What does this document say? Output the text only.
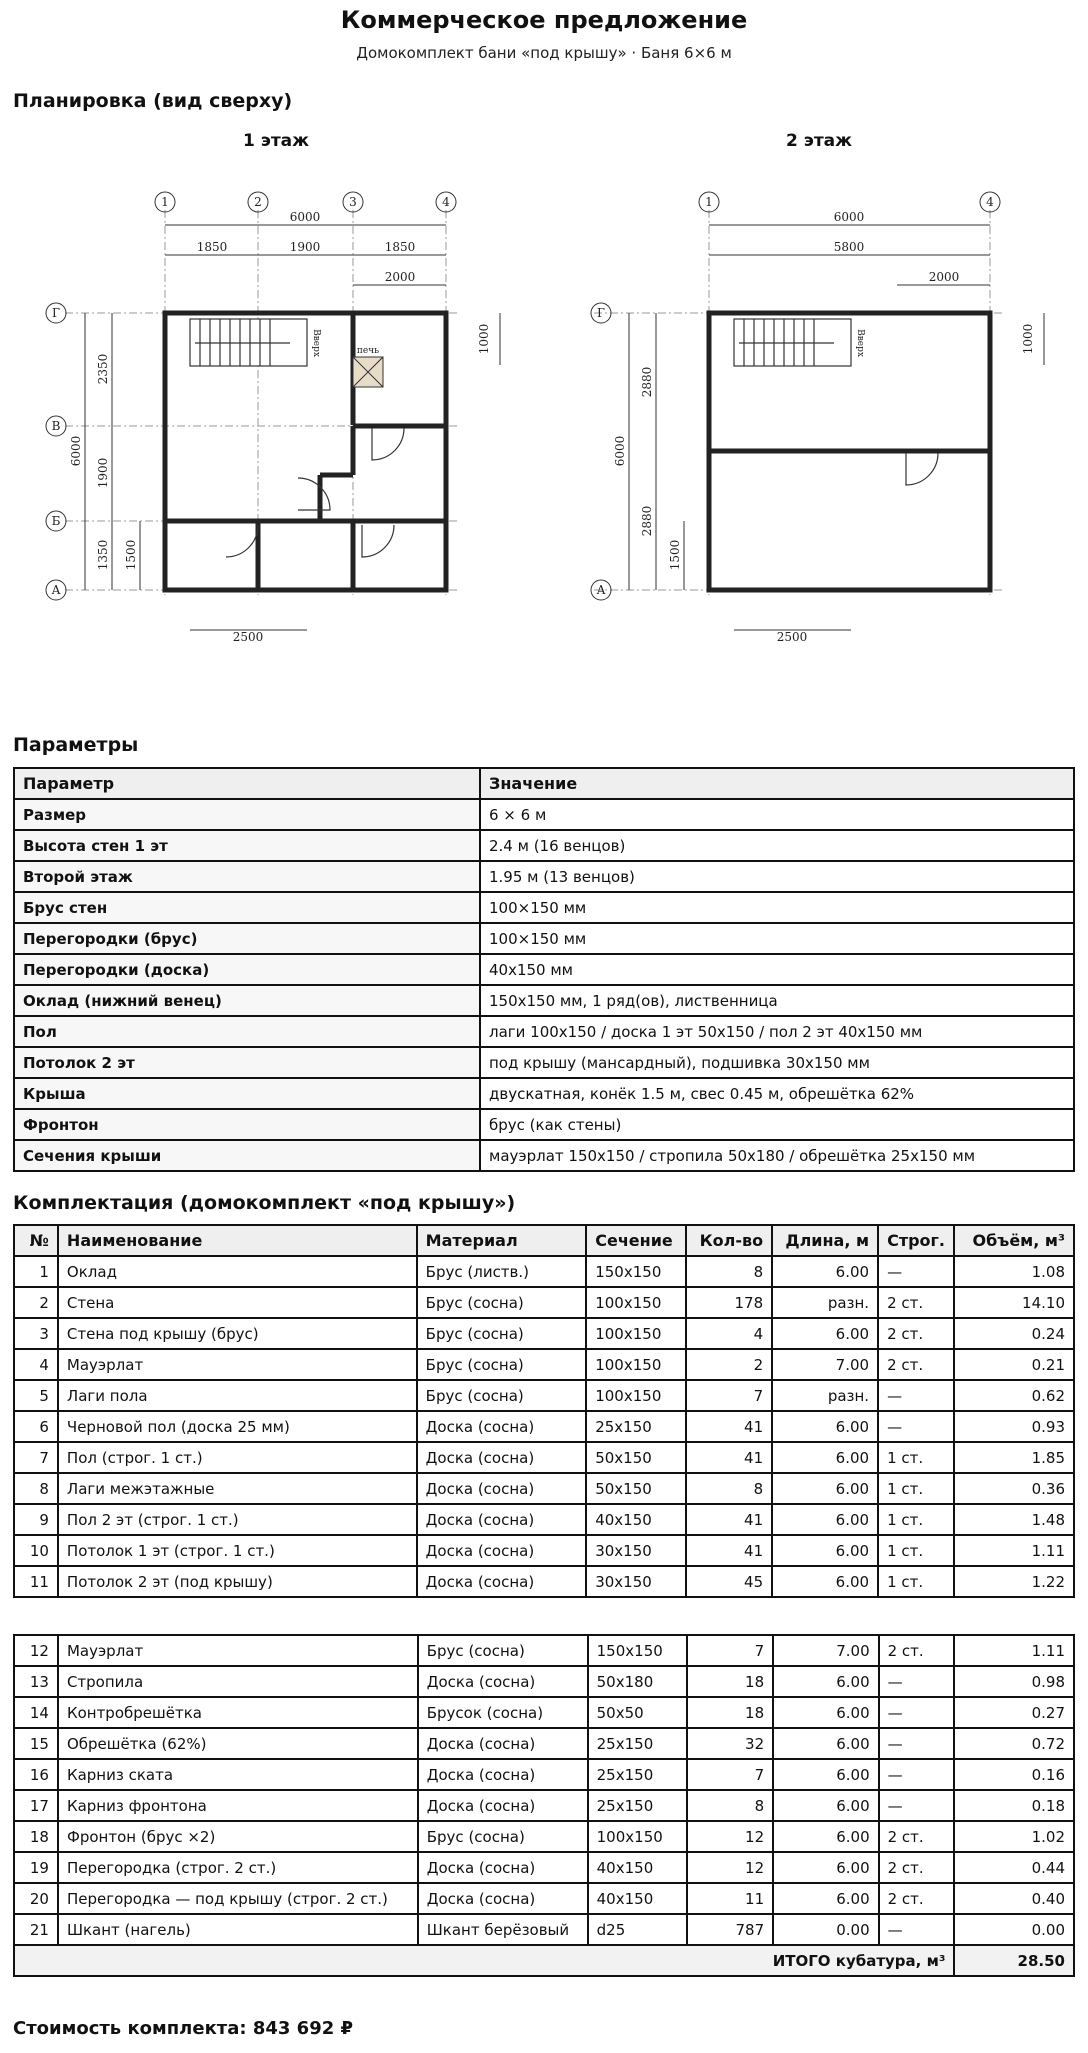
Коммерческое предложение
Домокомплект бани «под крышу» · Баня 6×6 м
Планировка (вид сверху)
1 этаж	2 этаж
1	2	3	4
Г
В
Б
А
6000
1850	1900	1850
2000
2500
печь	1000
2350
1900
1350
6000
1500
Вверх
1	4
Г
А
6000
5800
2000
2500
1000
2880
2880
6000
1500
Вверх
Параметры
Параметр	Значение
Размер	6 × 6 м
Высота стен 1 эт	2.4 м (16 венцов)
Второй этаж	1.95 м (13 венцов)
Брус стен	100×150 мм
Перегородки (брус)	100×150 мм
Перегородки (доска)	40x150 мм
Оклад (нижний венец)	150x150 мм, 1 ряд(ов), лиственница
Пол	лаги 100x150 / доска 1 эт 50x150 / пол 2 эт 40x150 мм
Потолок 2 эт	под крышу (мансардный), подшивка 30x150 мм
Крыша	двускатная, конёк 1.5 м, свес 0.45 м, обрешётка 62%
Фронтон	брус (как стены)
Сечения крыши	мауэрлат 150x150 / стропила 50x180 / обрешётка 25x150 мм
Комплектация (домокомплект «под крышу»)
№	Наименование	Материал	Сечение	Кол-во	Длина, м	Строг.	Объём, м³
1	Оклад	Брус (листв.)	150x150	8	6.00	—	1.08
2	Стена	Брус (сосна)	100x150	178	разн.	2 ст.	14.10
3	Стена под крышу (брус)	Брус (сосна)	100x150	4	6.00	2 ст.	0.24
4	Мауэрлат	Брус (сосна)	100x150	2	7.00	2 ст.	0.21
5	Лаги пола	Брус (сосна)	100x150	7	разн.	—	0.62
6	Черновой пол (доска 25 мм)	Доска (сосна)	25x150	41	6.00	—	0.93
7	Пол (строг. 1 ст.)	Доска (сосна)	50x150	41	6.00	1 ст.	1.85
8	Лаги межэтажные	Доска (сосна)	50x150	8	6.00	1 ст.	0.36
9	Пол 2 эт (строг. 1 ст.)	Доска (сосна)	40x150	41	6.00	1 ст.	1.48
10	Потолок 1 эт (строг. 1 ст.)	Доска (сосна)	30x150	41	6.00	1 ст.	1.11
11	Потолок 2 эт (под крышу)	Доска (сосна)	30x150	45	6.00	1 ст.	1.22
12	Мауэрлат	Брус (сосна)	150x150	7	7.00	2 ст.	1.11
13	Стропила	Доска (сосна)	50x180	18	6.00	—	0.98
14	Контробрешётка	Брусок (сосна)	50x50	18	6.00	—	0.27
15	Обрешётка (62%)	Доска (сосна)	25x150	32	6.00	—	0.72
16	Карниз ската	Доска (сосна)	25x150	7	6.00	—	0.16
17	Карниз фронтона	Доска (сосна)	25x150	8	6.00	—	0.18
18	Фронтон (брус ×2)	Брус (сосна)	100x150	12	6.00	2 ст.	1.02
19	Перегородка (строг. 2 ст.)	Доска (сосна)	40x150	12	6.00	2 ст.	0.44
20	Перегородка — под крышу (строг. 2 ст.)	Доска (сосна)	40x150	11	6.00	2 ст.	0.40
21	Шкант (нагель)	Шкант берёзовый	d25	787	0.00	—	0.00
ИТОГО кубатура, м³							28.50
Стоимость комплекта: 843 692 ₽
